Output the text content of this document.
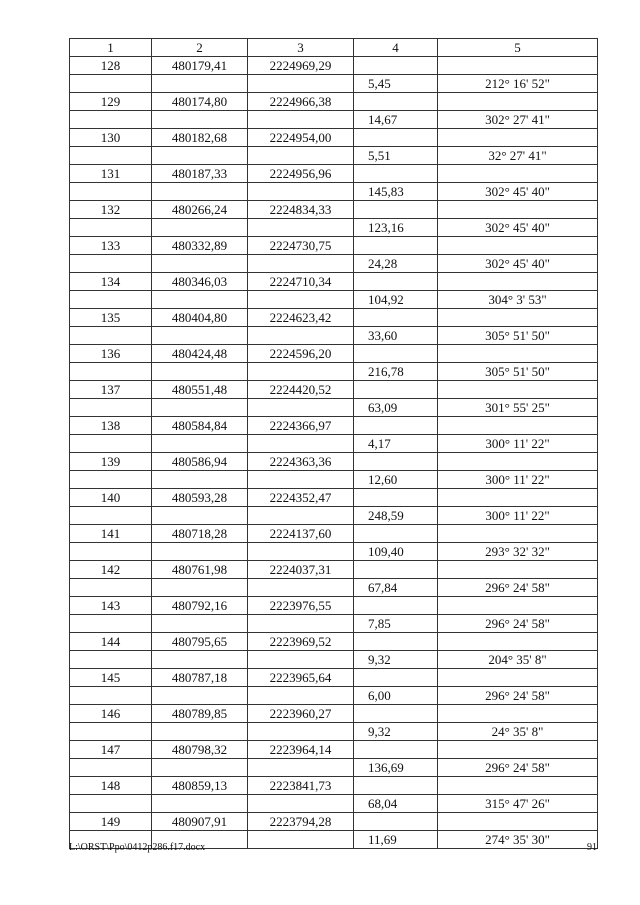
1	2	3	4	5
128	480179,41	2224969,29		
			5,45	212° 16' 52"
129	480174,80	2224966,38		
			14,67	302° 27' 41"
130	480182,68	2224954,00		
			5,51	32° 27' 41"
131	480187,33	2224956,96		
			145,83	302° 45' 40"
132	480266,24	2224834,33		
			123,16	302° 45' 40"
133	480332,89	2224730,75		
			24,28	302° 45' 40"
134	480346,03	2224710,34		
			104,92	304° 3' 53"
135	480404,80	2224623,42		
			33,60	305° 51' 50"
136	480424,48	2224596,20		
			216,78	305° 51' 50"
137	480551,48	2224420,52		
			63,09	301° 55' 25"
138	480584,84	2224366,97		
			4,17	300° 11' 22"
139	480586,94	2224363,36		
			12,60	300° 11' 22"
140	480593,28	2224352,47		
			248,59	300° 11' 22"
141	480718,28	2224137,60		
			109,40	293° 32' 32"
142	480761,98	2224037,31		
			67,84	296° 24' 58"
143	480792,16	2223976,55		
			7,85	296° 24' 58"
144	480795,65	2223969,52		
			9,32	204° 35' 8"
145	480787,18	2223965,64		
			6,00	296° 24' 58"
146	480789,85	2223960,27		
			9,32	24° 35' 8"
147	480798,32	2223964,14		
			136,69	296° 24' 58"
148	480859,13	2223841,73		
			68,04	315° 47' 26"
149	480907,91	2223794,28		
			11,69	274° 35' 30"
L:\ORST\Ppo\0412p286.f17.docx	91
